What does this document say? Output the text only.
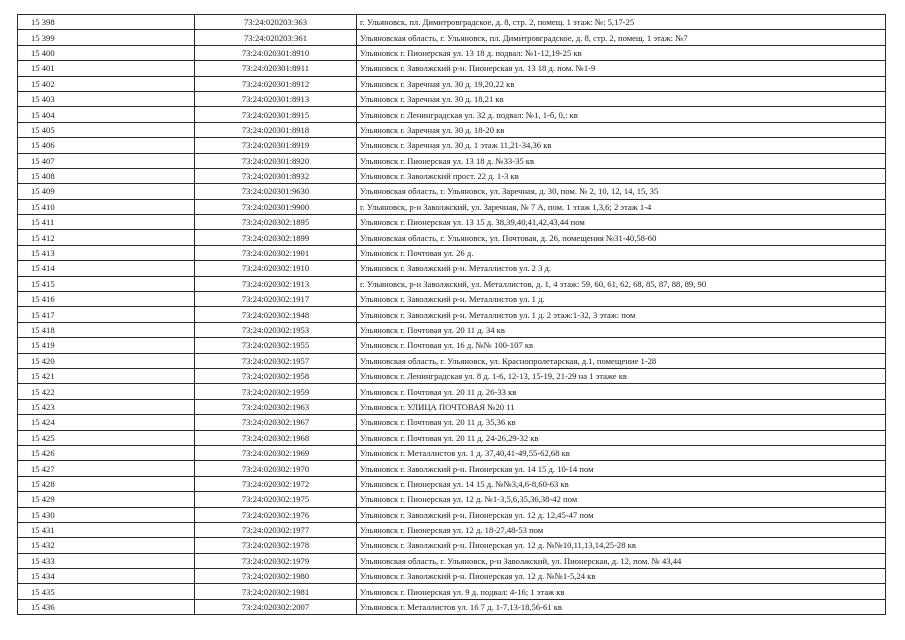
15 398	73:24:020203:363	г. Ульяновск, пл. Димитровградское, д. 8, стр. 2, помещ. 1 этаж: №: 5,17-25
15 399	73:24:020203:361	Ульяновская область, г. Ульяновск, пл. Димитровградское, д. 8, стр. 2, помещ. 1 этаж: №7
15 400	73:24:020301:8910	Ульяновск г. Пионерская ул. 13 18 д. подвал: №1-12,19-25 кв
15 401	73:24:020301:8911	Ульяновск г. Заволжский р-н. Пионерская ул. 13 18 д. пом. №1-9
15 402	73:24:020301:8912	Ульяновск г. Заречная ул. 30 д. 19,20,22 кв
15 403	73:24:020301:8913	Ульяновск г. Заречная ул. 30 д. 18,21 кв
15 404	73:24:020301:8915	Ульяновск г. Ленинградская ул. 32 д. подвал: №1, 1-б, 0,: кв
15 405	73:24:020301:8918	Ульяновск г. Заречная ул. 30 д. 18-20 кв
15 406	73:24:020301:8919	Ульяновск г. Заречная ул. 30 д. 1 этаж 11,21-34,36 кв
15 407	73:24:020301:8920	Ульяновск г. Пионерская ул. 13 18 д. №33-35 кв
15 408	73:24:020301:8932	Ульяновск г. Заволжский прост. 22 д. 1-3 кв
15 409	73:24:020301:9630	Ульяновская область, г. Ульяновск, ул. Заречная, д. 30, пом. № 2, 10, 12, 14, 15, 35
15 410	73:24:020301:9900	г. Ульяновск, р-н Заволжский, ул. Заречная, № 7 А, пом. 1 этаж 1,3,6; 2 этаж 1-4
15 411	73:24:020302:1895	Ульяновск г. Пионерская ул. 13 15 д. 38,39,40,41,42,43,44 пом
15 412	73:24:020302:1899	Ульяновская область, г. Ульяновск, ул. Почтовая, д. 26, помещения №31-40,58-60
15 413	73:24:020302:1901	Ульяновск г. Почтовая ул. 26 д.
15 414	73:24:020302:1910	Ульяновск г. Заволжский р-н. Металлистов ул. 2 3 д.
15 415	73:24:020302:1913	г. Ульяновск, р-н Заволжский, ул. Металлистов, д. 1, 4 этаж: 59, 60, 61, 62, 68, 85, 87, 88, 89, 90
15 416	73:24:020302:1917	Ульяновск г. Заволжский р-н. Металлистов ул. 1 д.
15 417	73:24:020302:1948	Ульяновск г. Заволжский р-н. Металлистов ул. 1 д. 2 этаж:1-32, 3 этаж: пом
15 418	73:24:020302:1953	Ульяновск г. Почтовая ул. 20 11 д. 34 кв
15 419	73:24:020302:1955	Ульяновск г. Почтовая ул. 16 д. №№ 100-107 кв
15 420	73:24:020302:1957	Ульяновская область, г. Ульяновск, ул. Краснопролетарская, д.1, помещение 1-28
15 421	73:24:020302:1958	Ульяновск г. Ленинградская ул. 8 д. 1-6, 12-13, 15-19, 21-29 на 1 этаже кв
15 422	73:24:020302:1959	Ульяновск г. Почтовая ул. 20 11 д. 26-33 кв
15 423	73:24:020302:1963	Ульяновск г. УЛИЦА ПОЧТОВАЯ №20 11
15 424	73:24:020302:1967	Ульяновск г. Почтовая ул. 20 11 д. 35,36 кв
15 425	73:24:020302:1968	Ульяновск г. Почтовая ул. 20 11 д. 24-26,29-32 кв
15 426	73:24:020302:1969	Ульяновск г. Металлистов ул. 1 д. 37,40,41-49,55-62,68 кв
15 427	73:24:020302:1970	Ульяновск г. Заволжский р-н. Пионерская ул. 14 15 д. 10-14 пом
15 428	73:24:020302:1972	Ульяновск г. Пионерская ул. 14 15 д. №№3,4,6-8,60-63 кв
15 429	73:24:020302:1975	Ульяновск г. Пионерская ул. 12 д. №1-3,5,6,35,36,38-42 пом
15 430	73:24:020302:1976	Ульяновск г. Заволжский р-н. Пионерская ул. 12 д. 12,45-47 пом
15 431	73:24:020302:1977	Ульяновск г. Пионерская ул. 12 д. 18-27,48-53 пом
15 432	73:24:020302:1978	Ульяновск г. Заволжский р-н. Пионерская ул. 12 д. №№10,11,13,14,25-28 кв
15 433	73:24:020302:1979	Ульяновская область, г. Ульяновск, р-н Заволжский, ул. Пионерская, д. 12, пом. № 43,44
15 434	73:24:020302:1980	Ульяновск г. Заволжский р-н. Пионерская ул. 12 д. №№1-5,24 кв
15 435	73:24:020302:1981	Ульяновск г. Пионерская ул. 9 д. подвал: 4-16; 1 этаж кв
15 436	73:24:020302:2007	Ульяновск г. Металлистов ул. 16 7 д. 1-7,13-18,56-61 кв
